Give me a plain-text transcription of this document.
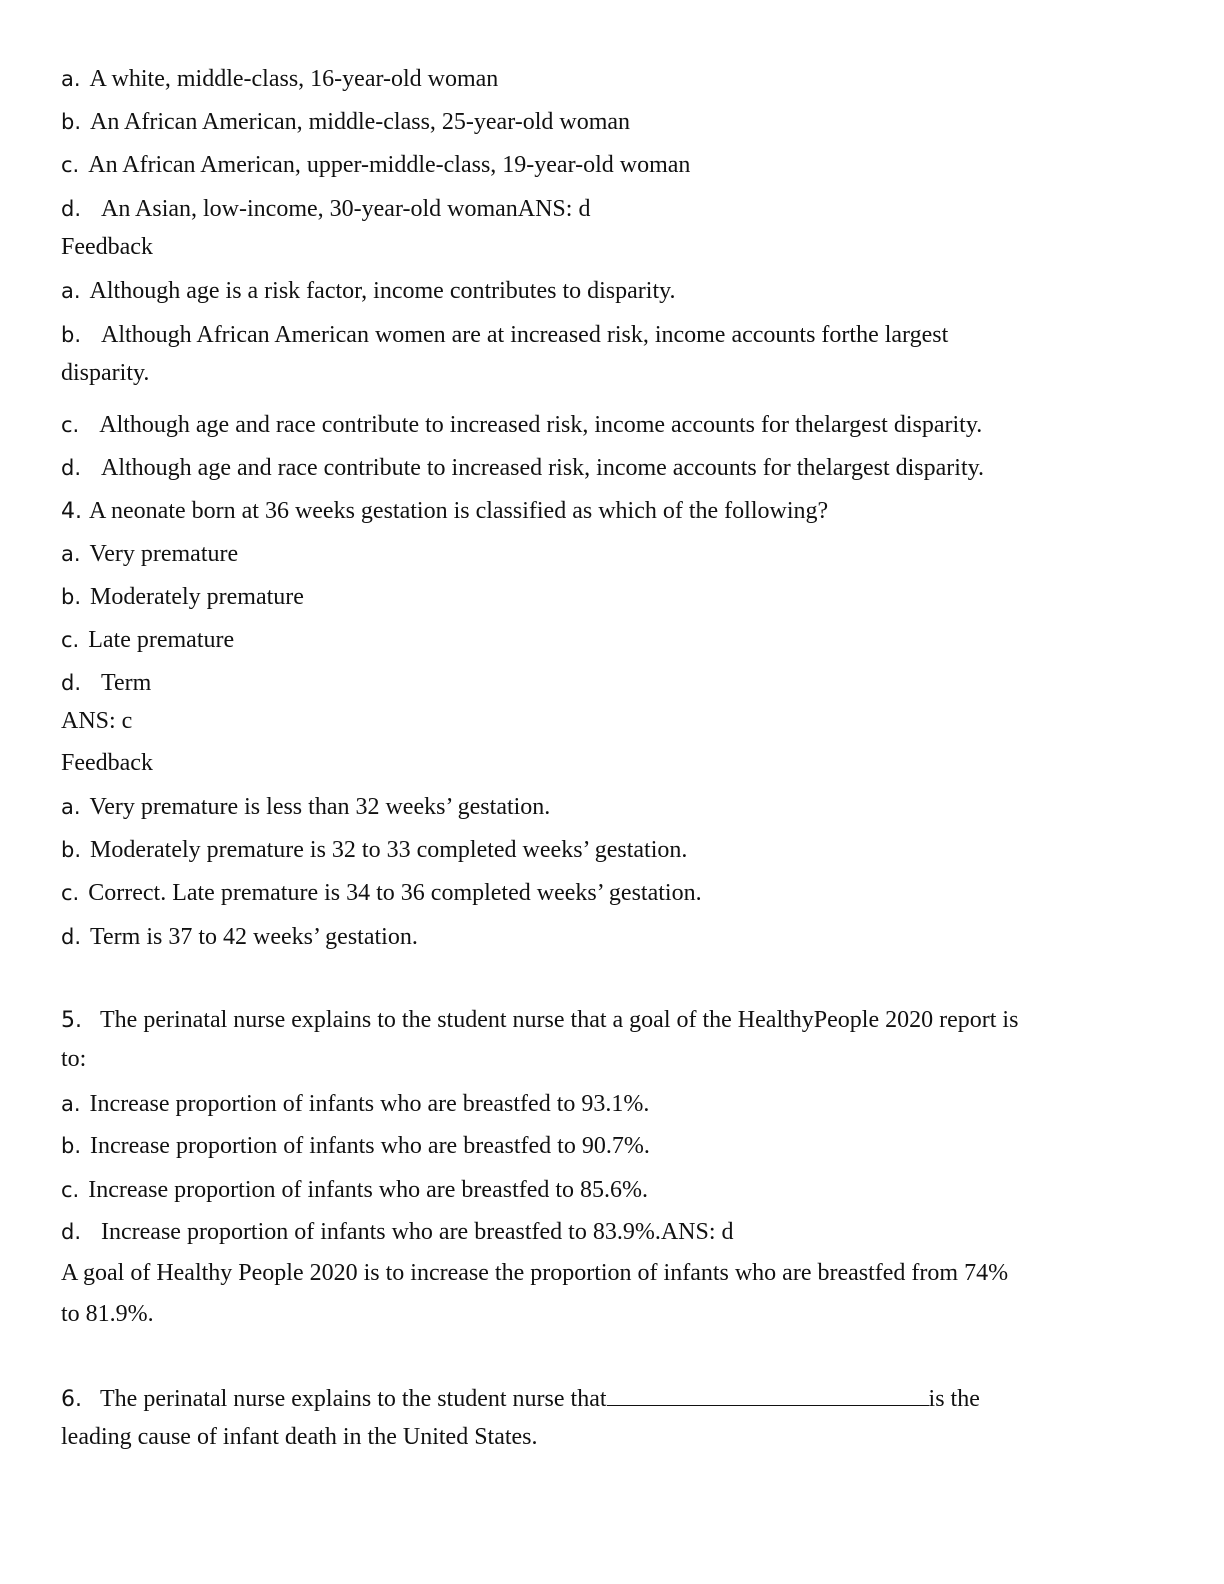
a. A white, middle-class, 16-year-old woman
b. An African American, middle-class, 25-year-old woman
c. An African American, upper-middle-class, 19-year-old woman
d. An Asian, low-income, 30-year-old womanANS: d
Feedback
a. Although age is a risk factor, income contributes to disparity.
b. Although African American women are at increased risk, income accounts forthe largest
disparity.
c. Although age and race contribute to increased risk, income accounts for thelargest disparity.
d. Although age and race contribute to increased risk, income accounts for thelargest disparity.
4. A neonate born at 36 weeks gestation is classified as which of the following?
a. Very premature
b. Moderately premature
c. Late premature
d. Term
ANS: c
Feedback
a. Very premature is less than 32 weeks’ gestation.
b. Moderately premature is 32 to 33 completed weeks’ gestation.
c. Correct. Late premature is 34 to 36 completed weeks’ gestation.
d. Term is 37 to 42 weeks’ gestation.
5. The perinatal nurse explains to the student nurse that a goal of the HealthyPeople 2020 report is
to:
a. Increase proportion of infants who are breastfed to 93.1%.
b. Increase proportion of infants who are breastfed to 90.7%.
c. Increase proportion of infants who are breastfed to 85.6%.
d. Increase proportion of infants who are breastfed to 83.9%.ANS: d
A goal of Healthy People 2020 is to increase the proportion of infants who are breastfed from 74%
to 81.9%.
6. The perinatal nurse explains to the student nurse that	is the
leading cause of infant death in the United States.
